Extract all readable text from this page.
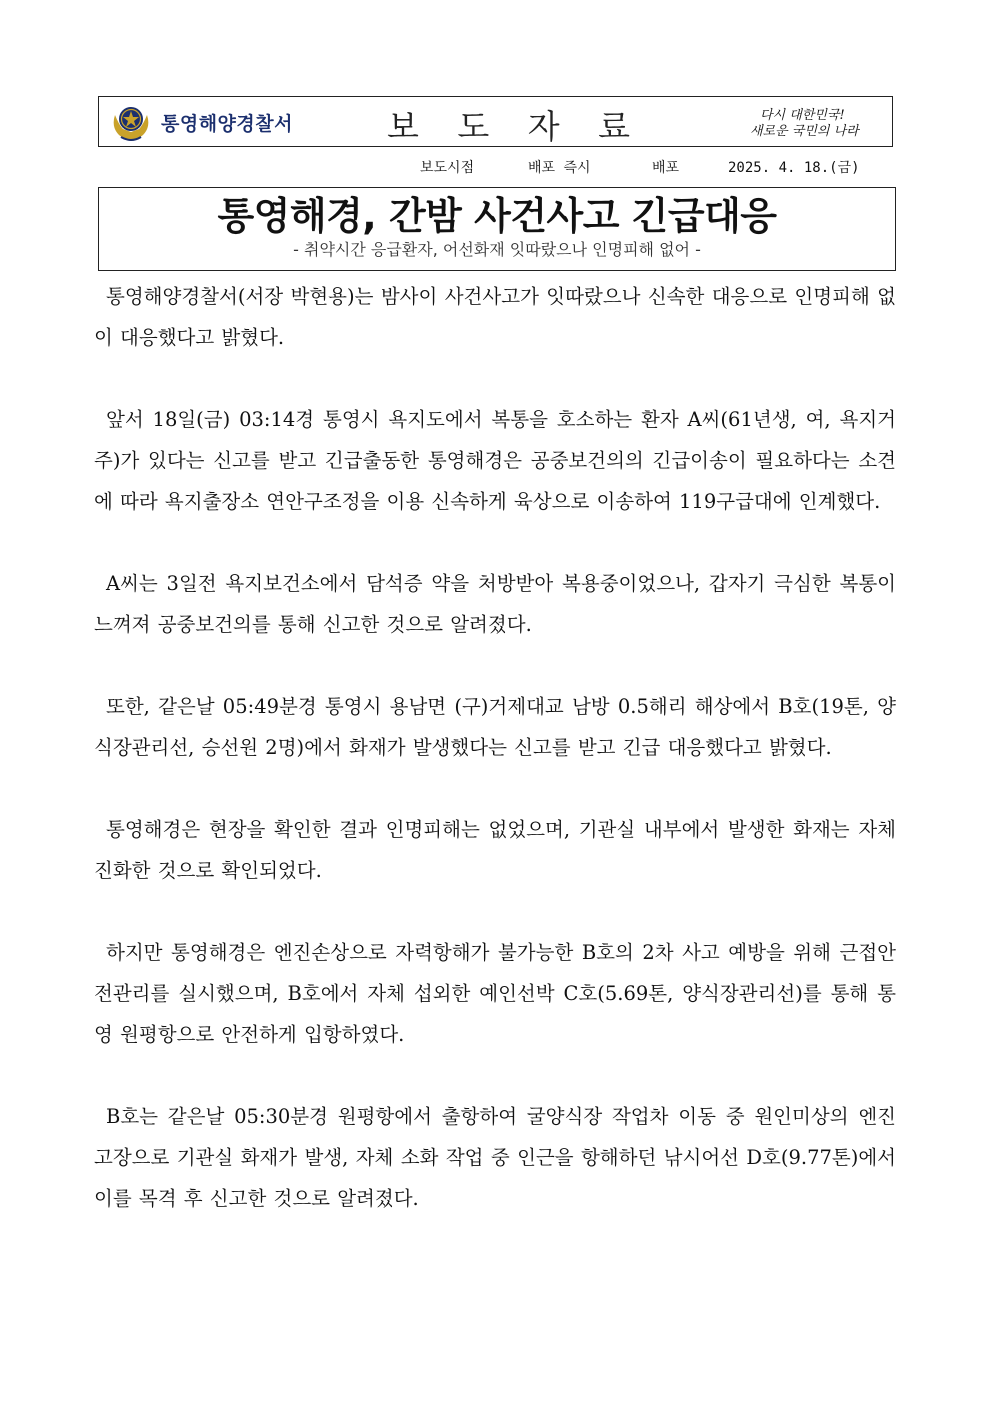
통영해양경찰서	보 도 자 료	다시 대한민국!
새로운 국민의 나라
보도시점	배포 즉시	배포	2025. 4. 18.(금)
통영해경, 간밤 사건사고 긴급대응
- 취약시간 응급환자, 어선화재 잇따랐으나 인명피해 없어 -

통영해양경찰서(서장 박현용)는 밤사이 사건사고가 잇따랐으나 신속한 대응으로 인명피해 없이 대응했다고 밝혔다.

앞서 18일(금) 03:14경 통영시 욕지도에서 복통을 호소하는 환자 A씨(61년생, 여, 욕지거주)가 있다는 신고를 받고 긴급출동한 통영해경은 공중보건의의 긴급이송이 필요하다는 소견에 따라 욕지출장소 연안구조정을 이용 신속하게 육상으로 이송하여 119구급대에 인계했다.

A씨는 3일전 욕지보건소에서 담석증 약을 처방받아 복용중이었으나, 갑자기 극심한 복통이 느껴져 공중보건의를 통해 신고한 것으로 알려졌다.

또한, 같은날 05:49분경 통영시 용남면 (구)거제대교 남방 0.5해리 해상에서 B호(19톤, 양식장관리선, 승선원 2명)에서 화재가 발생했다는 신고를 받고 긴급 대응했다고 밝혔다.

통영해경은 현장을 확인한 결과 인명피해는 없었으며, 기관실 내부에서 발생한 화재는 자체 진화한 것으로 확인되었다.

하지만 통영해경은 엔진손상으로 자력항해가 불가능한 B호의 2차 사고 예방을 위해 근접안전관리를 실시했으며, B호에서 자체 섭외한 예인선박 C호(5.69톤, 양식장관리선)를 통해 통영 원평항으로 안전하게 입항하였다.

B호는 같은날 05:30분경 원평항에서 출항하여 굴양식장 작업차 이동 중 원인미상의 엔진 고장으로 기관실 화재가 발생, 자체 소화 작업 중 인근을 항해하던 낚시어선 D호(9.77톤)에서 이를 목격 후 신고한 것으로 알려졌다.
